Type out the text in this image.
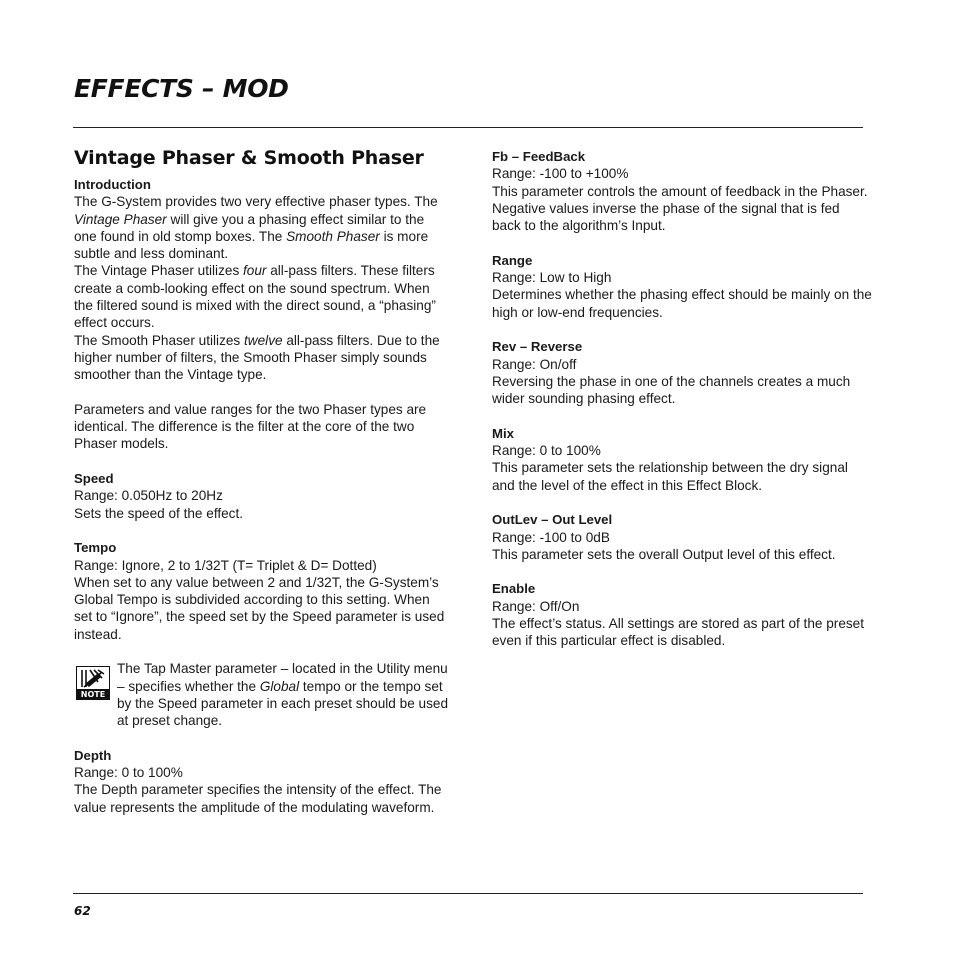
EFFECTS – MOD
Vintage Phaser & Smooth Phaser
Introduction

The G-System provides two very effective phaser types. The Vintage Phaser will give you a phasing effect similar to the one found in old stomp boxes. The Smooth Phaser is more subtle and less dominant.

The Vintage Phaser utilizes four all-pass filters. These filters create a comb-looking effect on the sound spectrum. When the filtered sound is mixed with the direct sound, a “phasing” effect occurs.

The Smooth Phaser utilizes twelve all-pass filters. Due to the higher number of filters, the Smooth Phaser simply sounds smoother than the Vintage type.

Parameters and value ranges for the two Phaser types are identical. The difference is the filter at the core of the two Phaser models.

Speed

Range: 0.050Hz to 20Hz

Sets the speed of the effect.

Tempo

Range: Ignore, 2 to 1/32T (T= Triplet & D= Dotted)

When set to any value between 2 and 1/32T, the G-System’s Global Tempo is subdivided according to this setting. When set to “Ignore”, the speed set by the Speed parameter is used instead.

NOTE

The Tap Master parameter – located in the Utility menu – specifies whether the Global tempo or the tempo set by the Speed parameter in each preset should be used at preset change.

Depth

Range: 0 to 100%

The Depth parameter specifies the intensity of the effect. The value represents the amplitude of the modulating waveform.

Fb – FeedBack

Range: -100 to +100%

This parameter controls the amount of feedback in the Phaser. Negative values inverse the phase of the signal that is fed back to the algorithm’s Input.

Range

Range: Low to High

Determines whether the phasing effect should be mainly on the high or low-end frequencies.

Rev – Reverse

Range: On/off

Reversing the phase in one of the channels creates a much wider sounding phasing effect.

Mix

Range: 0 to 100%

This parameter sets the relationship between the dry signal and the level of the effect in this Effect Block.

OutLev – Out Level

Range: -100 to 0dB

This parameter sets the overall Output level of this effect.

Enable

Range: Off/On

The effect’s status. All settings are stored as part of the preset even if this particular effect is disabled.

62
